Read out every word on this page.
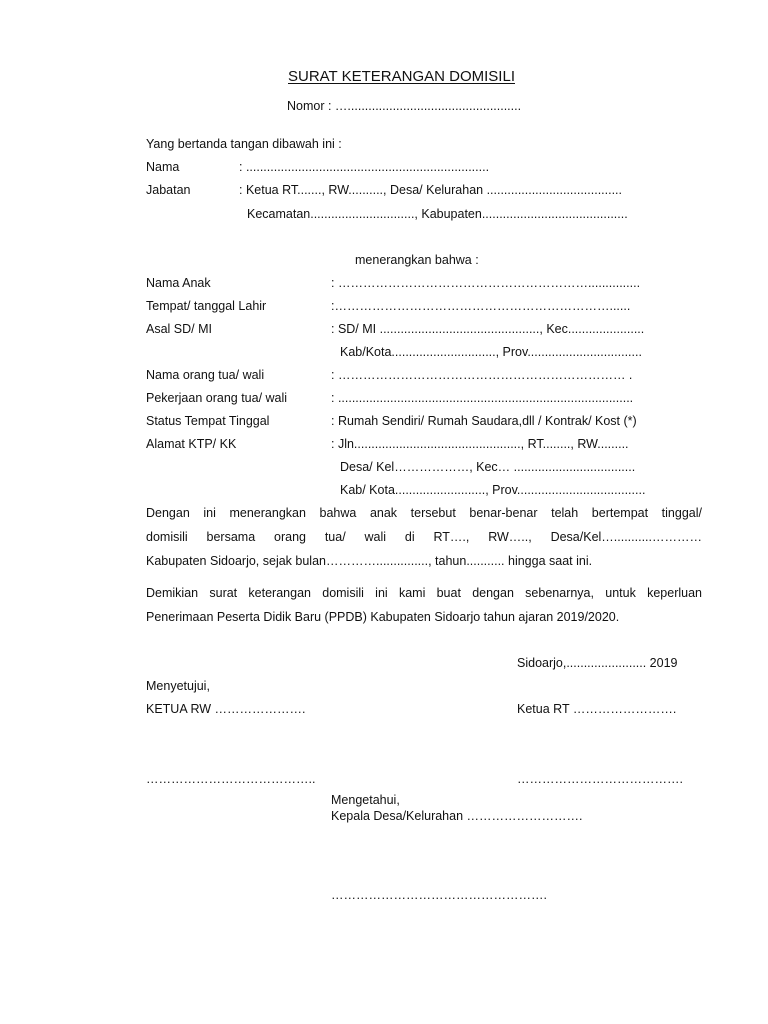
SURAT KETERANGAN DOMISILI
Nomor : …..................................................
Yang bertanda tangan dibawah ini :
Nama	: ......................................................................
Jabatan	: Ketua RT......., RW.........., Desa/ Kelurahan .......................................
Kecamatan.............................., Kabupaten..........................................
menerangkan bahwa :
Nama Anak	: ……………………………………………………...............
Tempat/ tanggal Lahir	:…………………………………………………………......
Asal SD/ MI	: SD/ MI .............................................., Kec......................
Kab/Kota.............................., Prov.................................
Nama orang tua/ wali	: …………………………………………………………… .
Pekerjaan orang tua/ wali	: .....................................................................................
Status Tempat Tinggal	: Rumah Sendiri/ Rumah Saudara,dll / Kontrak/ Kost (*)
Alamat KTP/ KK	: Jln................................................, RT........, RW.........
Desa/ Kel………………, Kec… ...................................
Kab/ Kota.........................., Prov.....................................
Dengan ini menerangkan bahwa anak tersebut benar-benar telah bertempat tinggal/
domisili bersama orang tua/ wali di RT…., RW….., Desa/Kel…...........…………
Kabupaten Sidoarjo, sejak bulan…………..............., tahun........... hingga saat ini.
Demikian surat keterangan domisili ini kami buat dengan sebenarnya, untuk keperluan
Penerimaan Peserta Didik Baru (PPDB) Kabupaten Sidoarjo tahun ajaran 2019/2020.
Sidoarjo,....................... 2019
Menyetujui,
KETUA RW ………………….	Ketua RT …………………….
…………………………………..	………………………………….
Mengetahui,
Kepala Desa/Kelurahan ……………………….
…………………………………………….
